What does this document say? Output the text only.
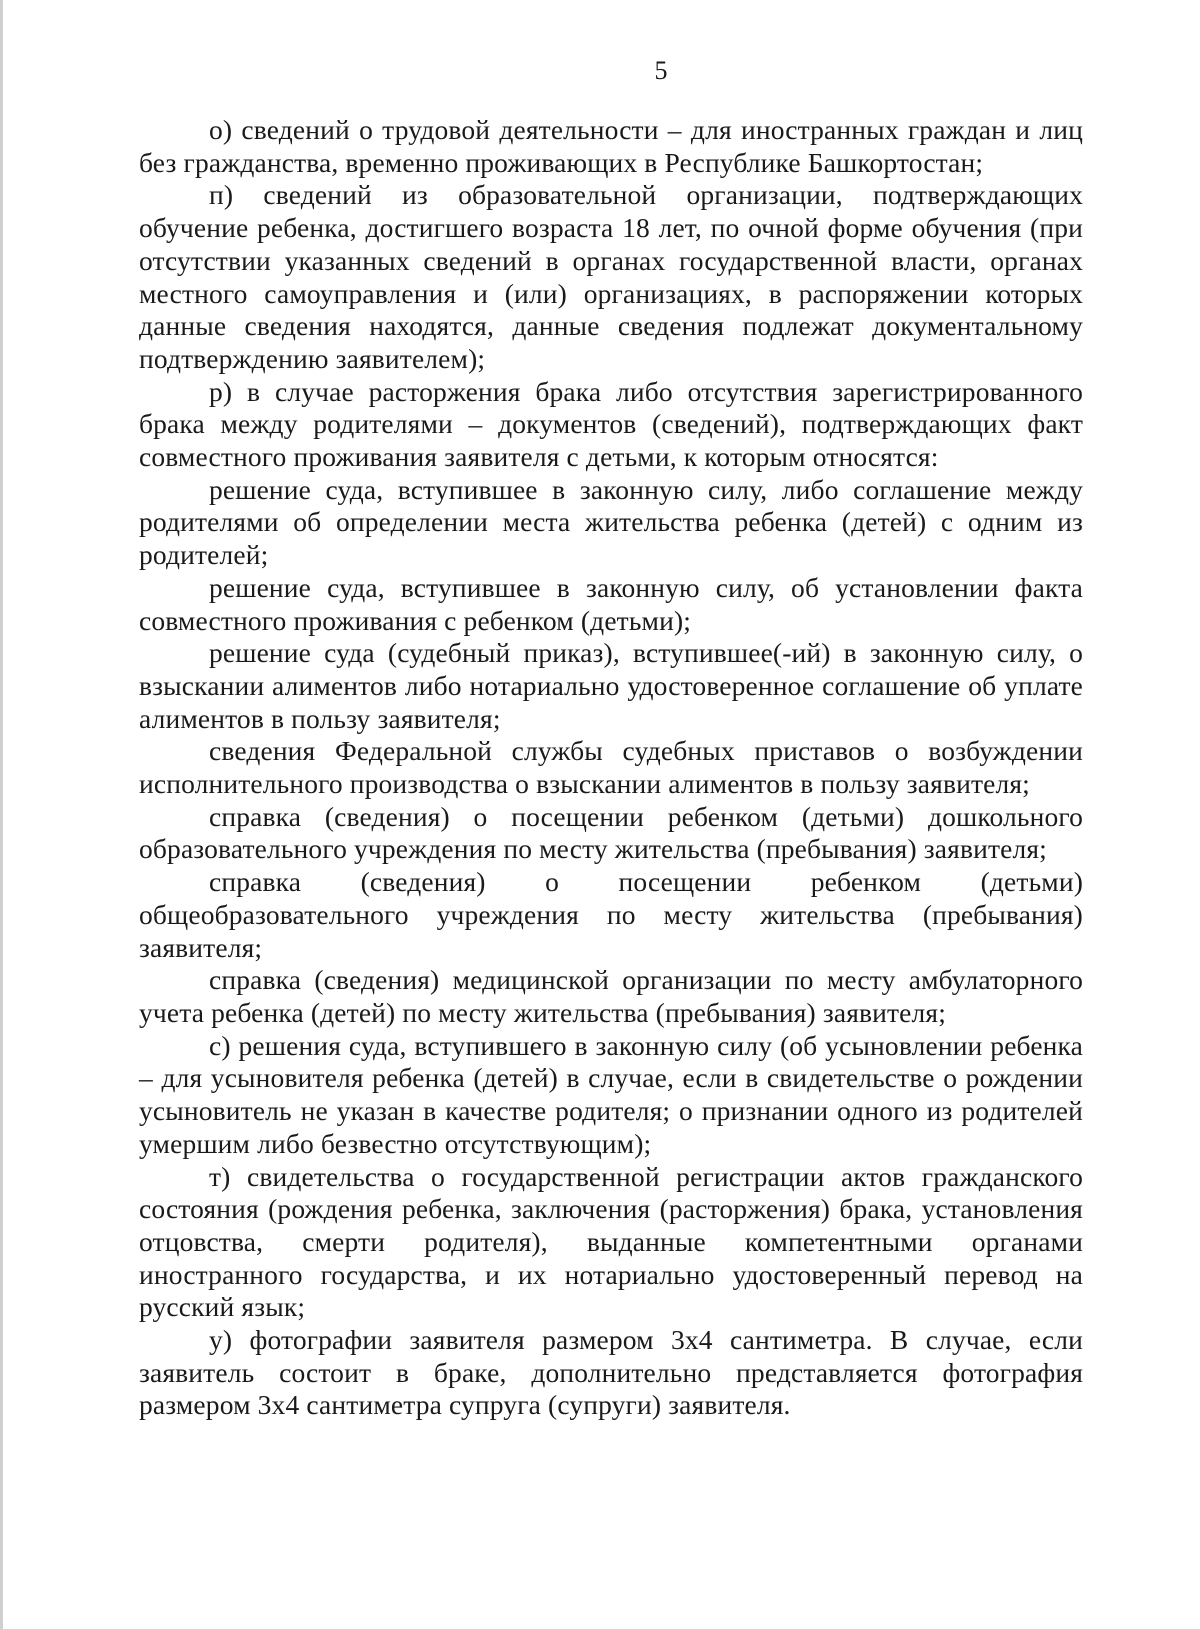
5

о) сведений о трудовой деятельности – для иностранных граждан и лиц без гражданства, временно проживающих в Республике Башкортостан;

п) сведений из образовательной организации, подтверждающих обучение ребенка, достигшего возраста 18 лет, по очной форме обучения (при отсутствии указанных сведений в органах государственной власти, органах местного самоуправления и (или) организациях, в распоряжении которых данные сведения находятся, данные сведения подлежат документальному подтверждению заявителем);

р) в случае расторжения брака либо отсутствия зарегистрированного брака между родителями – документов (сведений), подтверждающих факт совместного проживания заявителя с детьми, к которым относятся:

решение суда, вступившее в законную силу, либо соглашение между родителями об определении места жительства ребенка (детей) с одним из родителей;

решение суда, вступившее в законную силу, об установлении факта совместного проживания с ребенком (детьми);

решение суда (судебный приказ), вступившее(-ий) в законную силу, о взыскании алиментов либо нотариально удостоверенное соглашение об уплате алиментов в пользу заявителя;

сведения Федеральной службы судебных приставов о возбуждении исполнительного производства о взыскании алиментов в пользу заявителя;

справка (сведения) о посещении ребенком (детьми) дошкольного образовательного учреждения по месту жительства (пребывания) заявителя;

справка (сведения) о посещении ребенком (детьми) общеобразовательного учреждения по месту жительства (пребывания) заявителя;

справка (сведения) медицинской организации по месту амбулаторного учета ребенка (детей) по месту жительства (пребывания) заявителя;

с) решения суда, вступившего в законную силу (об усыновлении ребенка – для усыновителя ребенка (детей) в случае, если в свидетельстве о рождении усыновитель не указан в качестве родителя; о признании одного из родителей умершим либо безвестно отсутствующим);

т) свидетельства о государственной регистрации актов гражданского состояния (рождения ребенка, заключения (расторжения) брака, установления отцовства, смерти родителя), выданные компетентными органами иностранного государства, и их нотариально удостоверенный перевод на русский язык;

у) фотографии заявителя размером 3x4 сантиметра. В случае, если заявитель состоит в браке, дополнительно представляется фотография размером 3x4 сантиметра супруга (супруги) заявителя.
